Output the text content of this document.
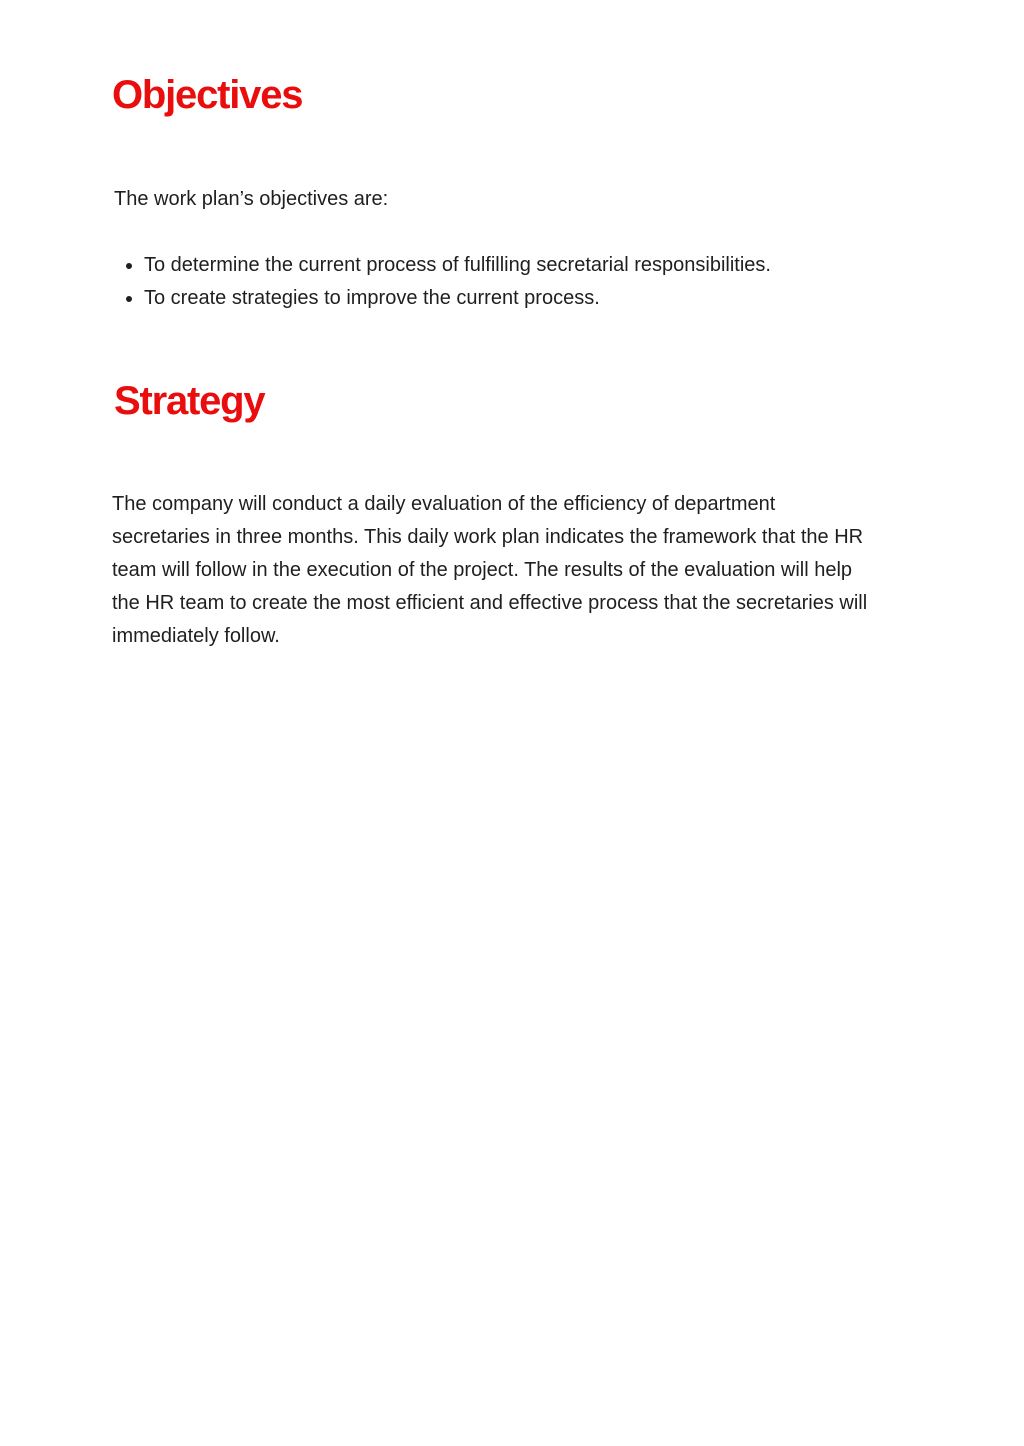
Objectives

The work plan’s objectives are:

To determine the current process of fulfilling secretarial responsibilities.
To create strategies to improve the current process.
Strategy

The company will conduct a daily evaluation of the efficiency of department
secretaries in three months. This daily work plan indicates the framework that the HR
team will follow in the execution of the project. The results of the evaluation will help
the HR team to create the most efficient and effective process that the secretaries will
immediately follow.
